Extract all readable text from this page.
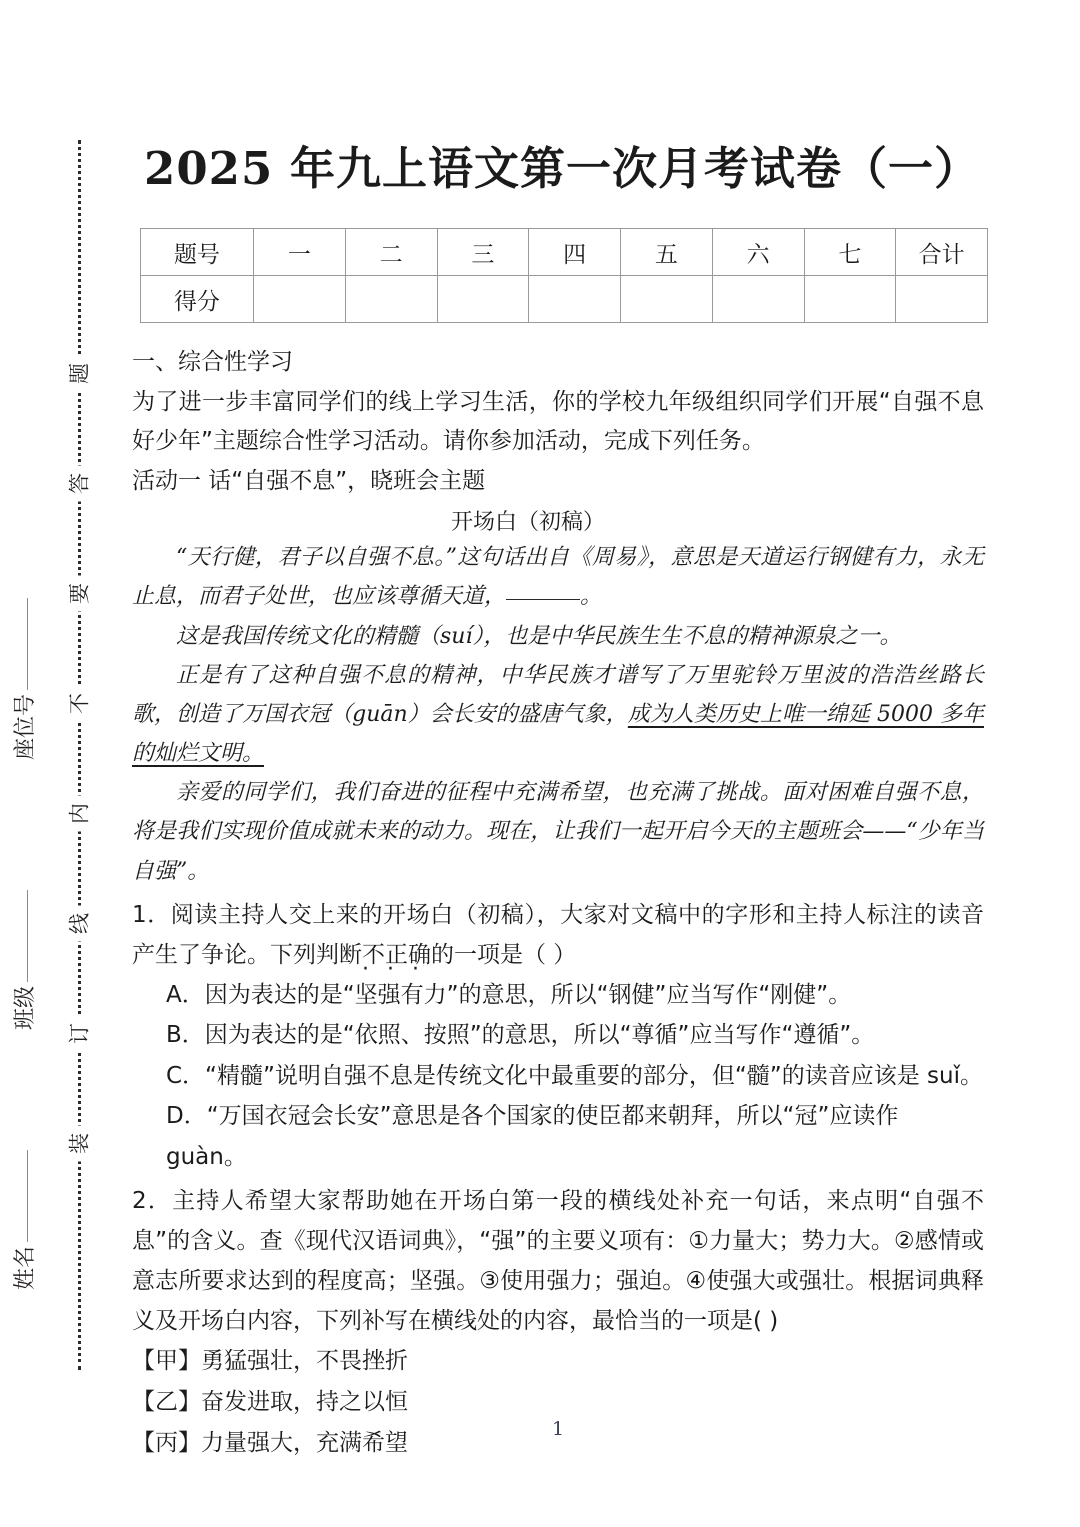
题
答
要
不
内
线
订
装
座位号
班级
姓名
2025 年九上语文第一次月考试卷（一）
题号	一	二	三	四	五	六	七	合计
得分								

一、综合性学习

为了进一步丰富同学们的线上学习生活，你的学校九年级组织同学们开展“自强不息好少年”主题综合性学习活动。请你参加活动，完成下列任务。

活动一 话“自强不息”，晓班会主题

开场白（初稿）

“天行健，君子以自强不息。”这句话出自《周易》，意思是天道运行钢健有力，永无止息，而君子处世，也应该尊循天道，	。

这是我国传统文化的精髓（suí），也是中华民族生生不息的精神源泉之一。

正是有了这种自强不息的精神，中华民族才谱写了万里驼铃万里波的浩浩丝路长歌，创造了万国衣冠（guān）会长安的盛唐气象，成为人类历史上唯一绵延 5000 多年的灿烂文明。

亲爱的同学们，我们奋进的征程中充满希望，也充满了挑战。面对困难自强不息，将是我们实现价值成就未来的动力。现在，让我们一起开启今天的主题班会——“少年当自强”。

1．阅读主持人交上来的开场白（初稿），大家对文稿中的字形和主持人标注的读音产生了争论。下列判断不正确 ···的一项是（ ）

A．因为表达的是“坚强有力”的意思，所以“钢健”应当写作“刚健”。

B．因为表达的是“依照、按照”的意思，所以“尊循”应当写作“遵循”。

C．“精髓”说明自强不息是传统文化中最重要的部分，但“髓”的读音应该是 suǐ。

D．“万国衣冠会长安”意思是各个国家的使臣都来朝拜，所以“冠”应读作 guàn。

2．主持人希望大家帮助她在开场白第一段的横线处补充一句话，来点明“自强不息”的含义。查《现代汉语词典》，“强”的主要义项有：①力量大；势力大。②感情或意志所要求达到的程度高；坚强。③使用强力；强迫。④使强大或强壮。根据词典释义及开场白内容，下列补写在横线处的内容，最恰当的一项是( )

【甲】勇猛强壮，不畏挫折

【乙】奋发进取，持之以恒

【丙】力量强大，充满希望

1
